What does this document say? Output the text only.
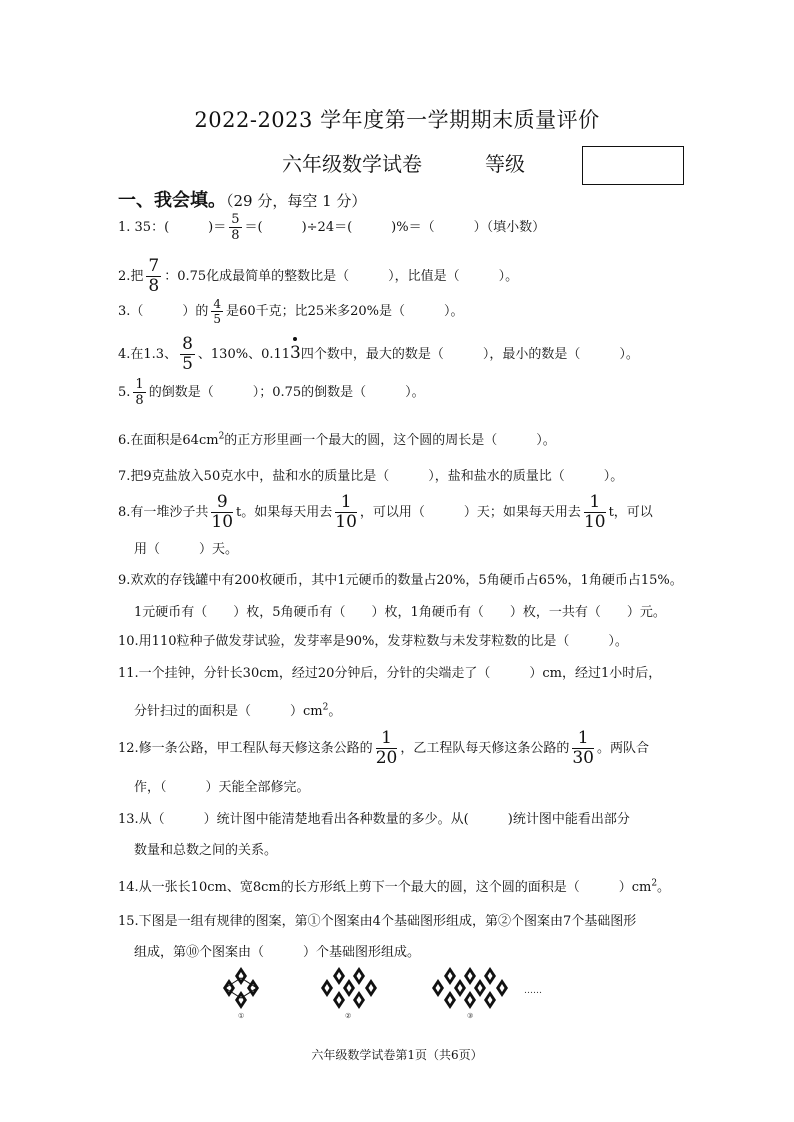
2022-2023 学年度第一学期期末质量评价
六年级数学试卷	等级
一、我会填。（29 分，每空 1 分）
1. 35：(　　　)＝ $\frac{5}{8}$ ＝(　　　)÷24＝(　　　)%＝（　　　）（填小数）
2.把 $\frac{7}{8}$ ：0.75化成最简单的整数比是（　　　），比值是（　　　）。
3.（　　　）的 $\frac{4}{5}$ 是60千克；比25米多20%是（　　　）。
4.在1.3、 $\frac{8}{5}$ 、130%、0.113四个数中，最大的数是（　　　），最小的数是（　　　）。
5. $\frac{1}{8}$ 的倒数是（　　　）；0.75的倒数是（　　　）。
6.在面积是$64cm^2$的正方形里画一个最大的圆，这个圆的周长是（　　　）。
7.把9克盐放入50克水中，盐和水的质量比是（　　　），盐和盐水的质量比（　　　）。
8.有一堆沙子共 $\frac{9}{10}$ t。如果每天用去 $\frac{1}{10}$ ，可以用（　　　）天；如果每天用去 $\frac{1}{10}$ t，可以
用（　　　）天。
9.欢欢的存钱罐中有200枚硬币，其中1元硬币的数量占20%，5角硬币占65%，1角硬币占15%。
1元硬币有（　　）枚，5角硬币有（　　）枚，1角硬币有（　　）枚，一共有（　　）元。
10.用110粒种子做发芽试验，发芽率是90%，发芽粒数与未发芽粒数的比是（　　　）。
11.一个挂钟，分针长30cm，经过20分钟后，分针的尖端走了（　　　）cm，经过1小时后，
分针扫过的面积是（　　　）$cm^2$。
12.修一条公路，甲工程队每天修这条公路的 $\frac{1}{20}$ ，乙工程队每天修这条公路的 $\frac{1}{30}$ 。两队合
作，（　　　）天能全部修完。
13.从（　　　）统计图中能清楚地看出各种数量的多少。从(　　　)统计图中能看出部分
数量和总数之间的关系。
14.从一张长10cm、宽8cm的长方形纸上剪下一个最大的圆，这个圆的面积是（　　　）$cm^2$。
15.下图是一组有规律的图案，第①个图案由4个基础图形组成，第②个图案由7个基础图形
组成，第⑩个图案由（　　　）个基础图形组成。
①	②	③
……
六年级数学试卷第1页（共6页）
